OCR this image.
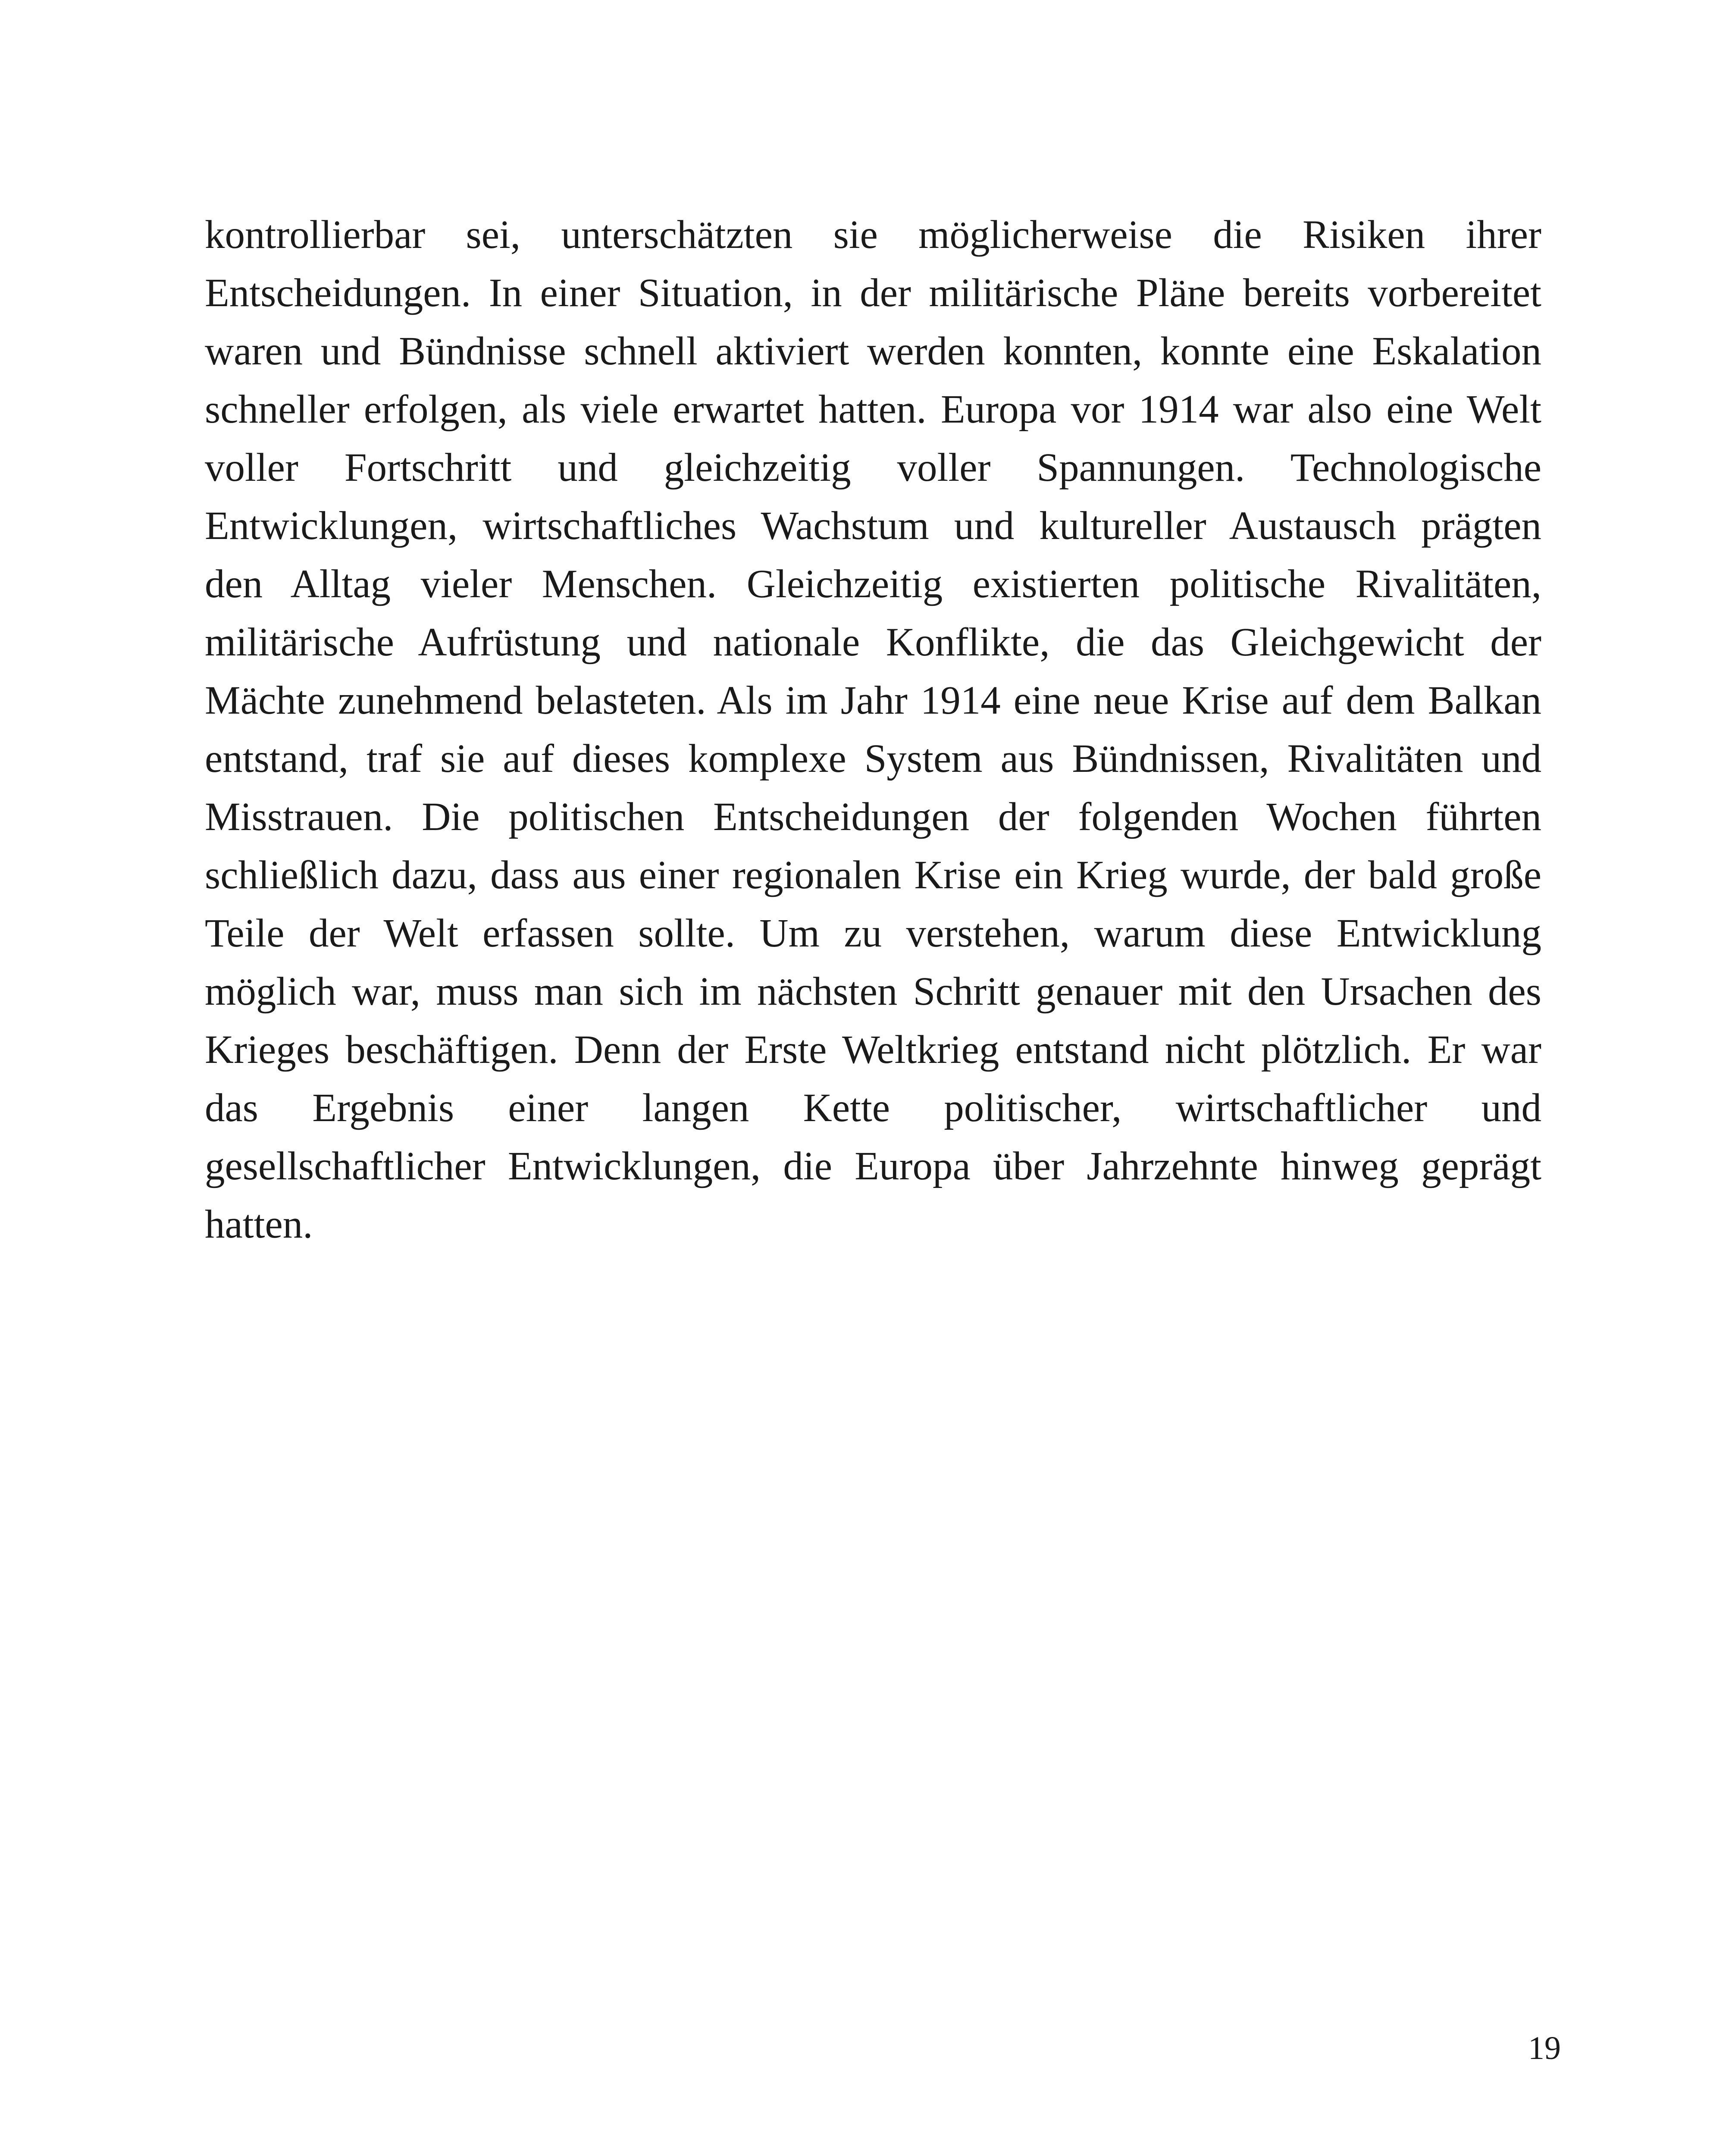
kontrollierbar sei, unterschätzten sie möglicherweise die Risiken ihrer
Entscheidungen. In einer Situation, in der militärische Pläne bereits vorbereitet
waren und Bündnisse schnell aktiviert werden konnten, konnte eine Eskalation
schneller erfolgen, als viele erwartet hatten. Europa vor 1914 war also eine Welt
voller Fortschritt und gleichzeitig voller Spannungen. Technologische
Entwicklungen, wirtschaftliches Wachstum und kultureller Austausch prägten
den Alltag vieler Menschen. Gleichzeitig existierten politische Rivalitäten,
militärische Aufrüstung und nationale Konflikte, die das Gleichgewicht der
Mächte zunehmend belasteten. Als im Jahr 1914 eine neue Krise auf dem Balkan
entstand, traf sie auf dieses komplexe System aus Bündnissen, Rivalitäten und
Misstrauen. Die politischen Entscheidungen der folgenden Wochen führten
schließlich dazu, dass aus einer regionalen Krise ein Krieg wurde, der bald große
Teile der Welt erfassen sollte. Um zu verstehen, warum diese Entwicklung
möglich war, muss man sich im nächsten Schritt genauer mit den Ursachen des
Krieges beschäftigen. Denn der Erste Weltkrieg entstand nicht plötzlich. Er war
das Ergebnis einer langen Kette politischer, wirtschaftlicher und
gesellschaftlicher Entwicklungen, die Europa über Jahrzehnte hinweg geprägt
hatten.
19
